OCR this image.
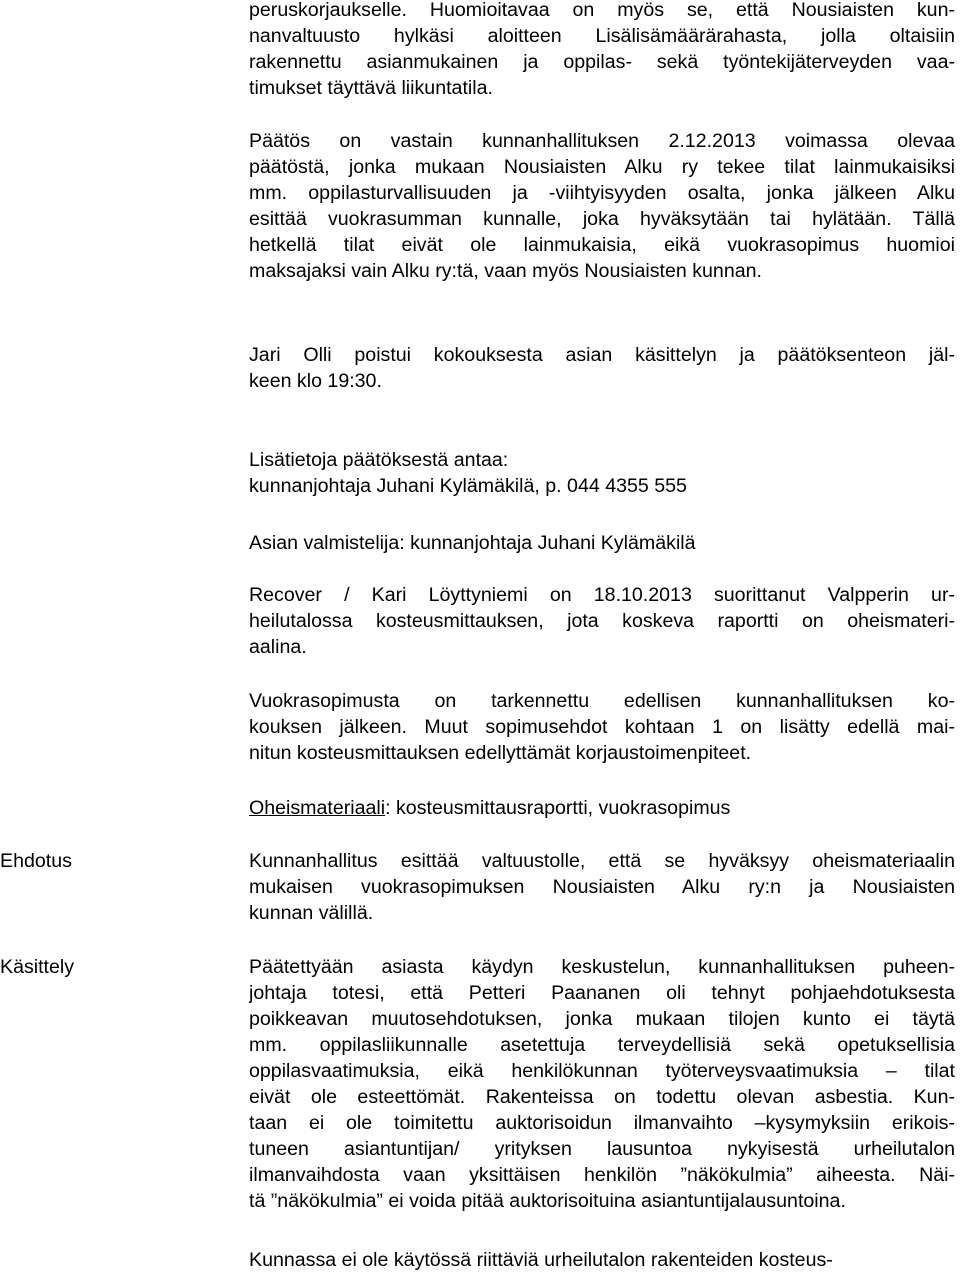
peruskorjaukselle. Huomioitavaa on myös se, että Nousiaisten kun-
nanvaltuusto hylkäsi aloitteen Lisälisämäärärahasta, jolla oltaisiin
rakennettu asianmukainen ja oppilas- sekä työntekijäterveyden vaa-
timukset täyttävä liikuntatila.
Päätös on vastain kunnanhallituksen 2.12.2013 voimassa olevaa
päätöstä, jonka mukaan Nousiaisten Alku ry tekee tilat lainmukaisiksi
mm. oppilasturvallisuuden ja -viihtyisyyden osalta, jonka jälkeen Alku
esittää vuokrasumman kunnalle, joka hyväksytään tai hylätään. Tällä
hetkellä tilat eivät ole lainmukaisia, eikä vuokrasopimus huomioi
maksajaksi vain Alku ry:tä, vaan myös Nousiaisten kunnan.
Jari Olli poistui kokouksesta asian käsittelyn ja päätöksenteon jäl-
keen klo 19:30.
Lisätietoja päätöksestä antaa:
kunnanjohtaja Juhani Kylämäkilä, p. 044 4355 555
Asian valmistelija: kunnanjohtaja Juhani Kylämäkilä
Recover / Kari Löyttyniemi on 18.10.2013 suorittanut Valpperin ur-
heilutalossa kosteusmittauksen, jota koskeva raportti on oheismateri-
aalina.
Vuokrasopimusta on tarkennettu edellisen kunnanhallituksen ko-
kouksen jälkeen. Muut sopimusehdot kohtaan 1 on lisätty edellä mai-
nitun kosteusmittauksen edellyttämät korjaustoimenpiteet.
Oheismateriaali: kosteusmittausraportti, vuokrasopimus
Kunnanhallitus esittää valtuustolle, että se hyväksyy oheismateriaalin
mukaisen vuokrasopimuksen Nousiaisten Alku ry:n ja Nousiaisten
kunnan välillä.
Päätettyään asiasta käydyn keskustelun, kunnanhallituksen puheen-
johtaja totesi, että Petteri Paananen oli tehnyt pohjaehdotuksesta
poikkeavan muutosehdotuksen, jonka mukaan tilojen kunto ei täytä
mm. oppilasliikunnalle asetettuja terveydellisiä sekä opetuksellisia
oppilasvaatimuksia, eikä henkilökunnan työterveysvaatimuksia – tilat
eivät ole esteettömät. Rakenteissa on todettu olevan asbestia. Kun-
taan ei ole toimitettu auktorisoidun ilmanvaihto –kysymyksiin erikois-
tuneen asiantuntijan/ yrityksen lausuntoa nykyisestä urheilutalon
ilmanvaihdosta vaan yksittäisen henkilön ”näkökulmia” aiheesta. Näi-
tä ”näkökulmia” ei voida pitää auktorisoituina asiantuntijalausuntoina.
Kunnassa ei ole käytössä riittäviä urheilutalon rakenteiden kosteus-
Ehdotus
Käsittely
